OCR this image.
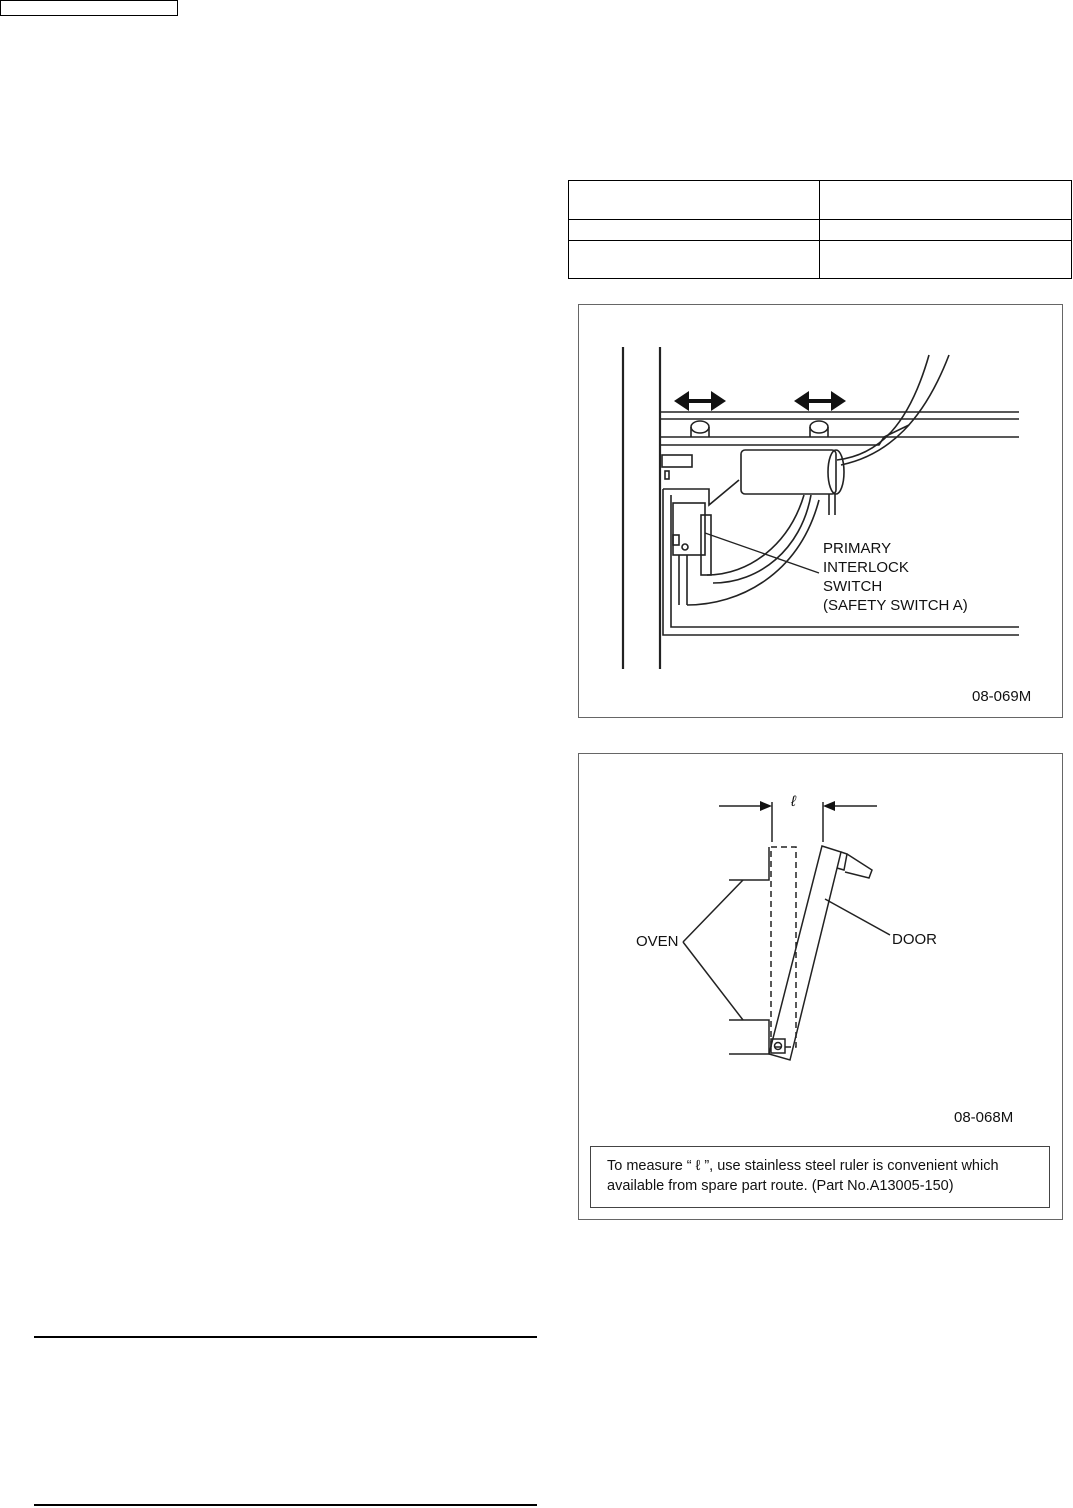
PRIMARY
INTERLOCK
SWITCH
(SAFETY SWITCH A)
08-069M
ℓ
OVEN	DOOR
08-068M
To measure “ ℓ ”, use stainless steel ruler is convenient which
available from spare part route. (Part No.A13005-150)
